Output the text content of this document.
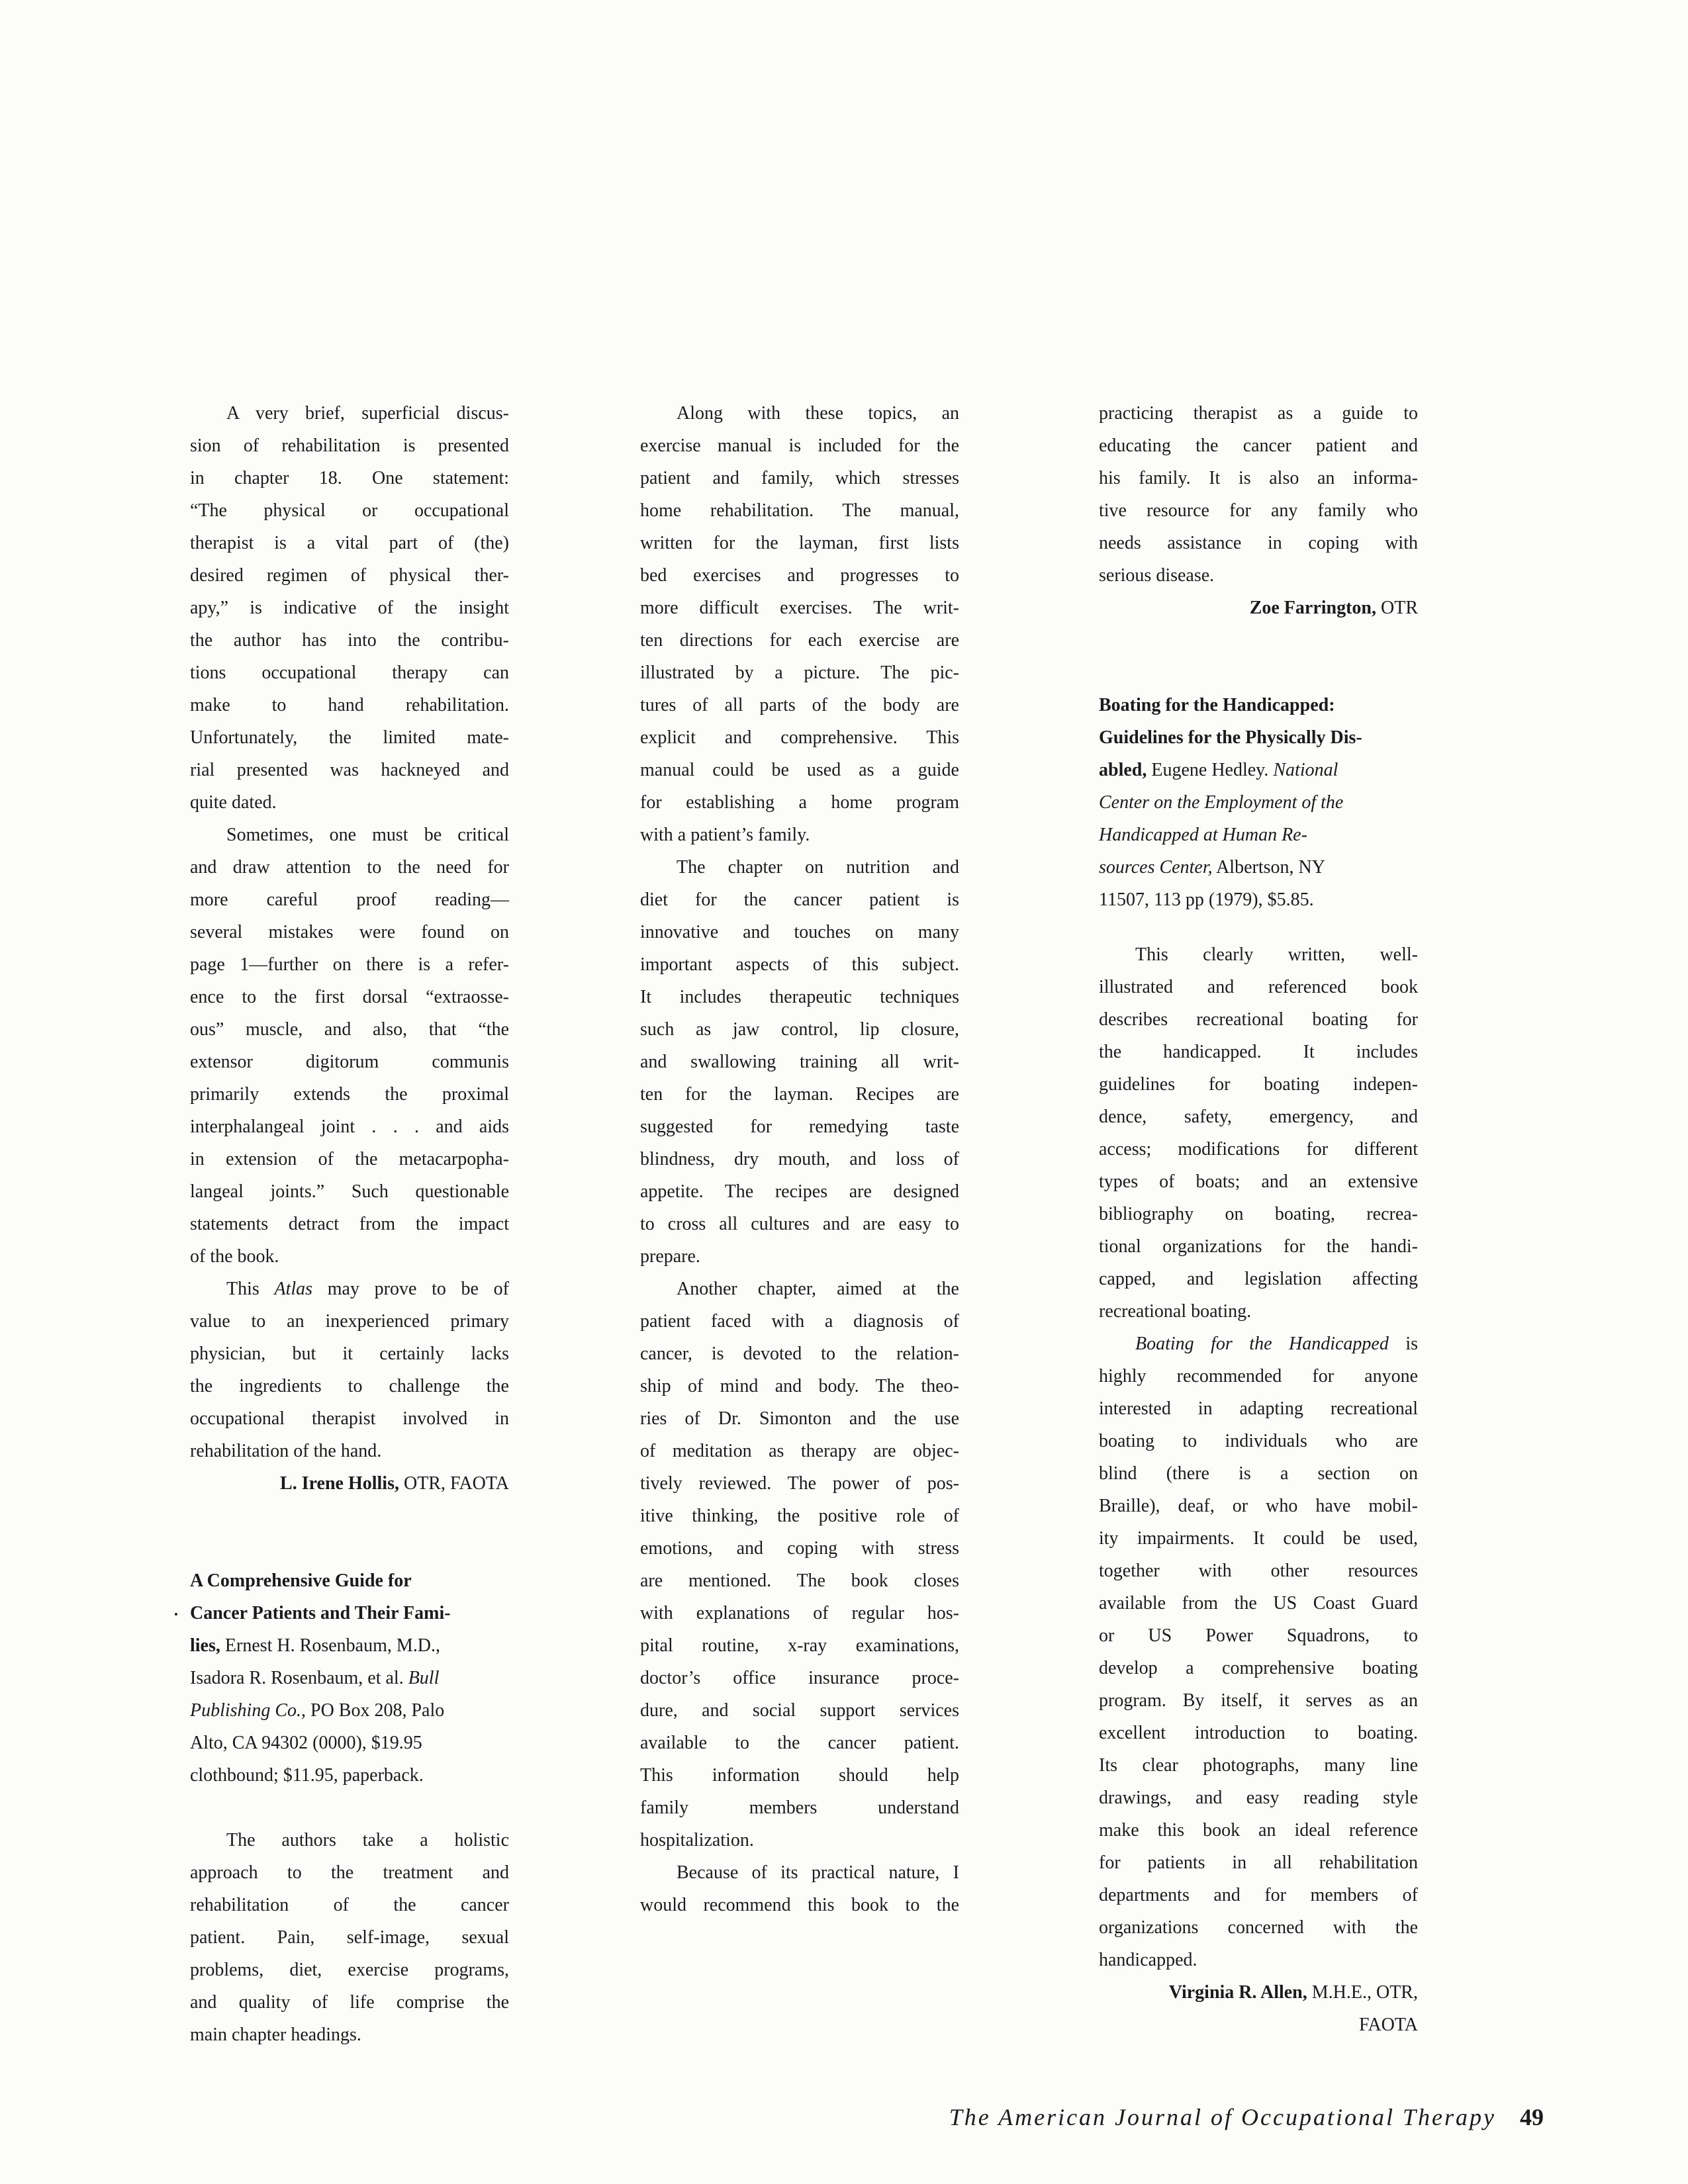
A very brief, superficial discus-
sion of rehabilitation is presented
in chapter 18. One statement:
“The physical or occupational
therapist is a vital part of (the)
desired regimen of physical ther-
apy,” is indicative of the insight
the author has into the contribu-
tions occupational therapy can
make to hand rehabilitation.
Unfortunately, the limited mate-
rial presented was hackneyed and
quite dated.
Sometimes, one must be critical
and draw attention to the need for
more careful proof reading—
several mistakes were found on
page 1—further on there is a refer-
ence to the first dorsal “extraosse-
ous” muscle, and also, that “the
extensor digitorum communis
primarily extends the proximal
interphalangeal joint . . . and aids
in extension of the metacarpopha-
langeal joints.” Such questionable
statements detract from the impact
of the book.
This Atlas may prove to be of
value to an inexperienced primary
physician, but it certainly lacks
the ingredients to challenge the
occupational therapist involved in
rehabilitation of the hand.
L. Irene Hollis, OTR, FAOTA
A Comprehensive Guide for
• Cancer Patients and Their Fami-
lies, Ernest H. Rosenbaum, M.D.,
Isadora R. Rosenbaum, et al. Bull
Publishing Co., PO Box 208, Palo
Alto, CA 94302 (0000), $19.95
clothbound; $11.95, paperback.
The authors take a holistic
approach to the treatment and
rehabilitation of the cancer
patient. Pain, self-image, sexual
problems, diet, exercise programs,
and quality of life comprise the
main chapter headings.
Along with these topics, an
exercise manual is included for the
patient and family, which stresses
home rehabilitation. The manual,
written for the layman, first lists
bed exercises and progresses to
more difficult exercises. The writ-
ten directions for each exercise are
illustrated by a picture. The pic-
tures of all parts of the body are
explicit and comprehensive. This
manual could be used as a guide
for establishing a home program
with a patient’s family.
The chapter on nutrition and
diet for the cancer patient is
innovative and touches on many
important aspects of this subject.
It includes therapeutic techniques
such as jaw control, lip closure,
and swallowing training all writ-
ten for the layman. Recipes are
suggested for remedying taste
blindness, dry mouth, and loss of
appetite. The recipes are designed
to cross all cultures and are easy to
prepare.
Another chapter, aimed at the
patient faced with a diagnosis of
cancer, is devoted to the relation-
ship of mind and body. The theo-
ries of Dr. Simonton and the use
of meditation as therapy are objec-
tively reviewed. The power of pos-
itive thinking, the positive role of
emotions, and coping with stress
are mentioned. The book closes
with explanations of regular hos-
pital routine, x-ray examinations,
doctor’s office insurance proce-
dure, and social support services
available to the cancer patient.
This information should help
family members understand
hospitalization.
Because of its practical nature, I
would recommend this book to the
practicing therapist as a guide to
educating the cancer patient and
his family. It is also an informa-
tive resource for any family who
needs assistance in coping with
serious disease.
Zoe Farrington, OTR
Boating for the Handicapped:
Guidelines for the Physically Dis-
abled, Eugene Hedley. National
Center on the Employment of the
Handicapped at Human Re-
sources Center, Albertson, NY
11507, 113 pp (1979), $5.85.
This clearly written, well-
illustrated and referenced book
describes recreational boating for
the handicapped. It includes
guidelines for boating indepen-
dence, safety, emergency, and
access; modifications for different
types of boats; and an extensive
bibliography on boating, recrea-
tional organizations for the handi-
capped, and legislation affecting
recreational boating.
Boating for the Handicapped is
highly recommended for anyone
interested in adapting recreational
boating to individuals who are
blind (there is a section on
Braille), deaf, or who have mobil-
ity impairments. It could be used,
together with other resources
available from the US Coast Guard
or US Power Squadrons, to
develop a comprehensive boating
program. By itself, it serves as an
excellent introduction to boating.
Its clear photographs, many line
drawings, and easy reading style
make this book an ideal reference
for patients in all rehabilitation
departments and for members of
organizations concerned with the
handicapped.
Virginia R. Allen, M.H.E., OTR,
FAOTA
The American Journal of Occupational Therapy 49
